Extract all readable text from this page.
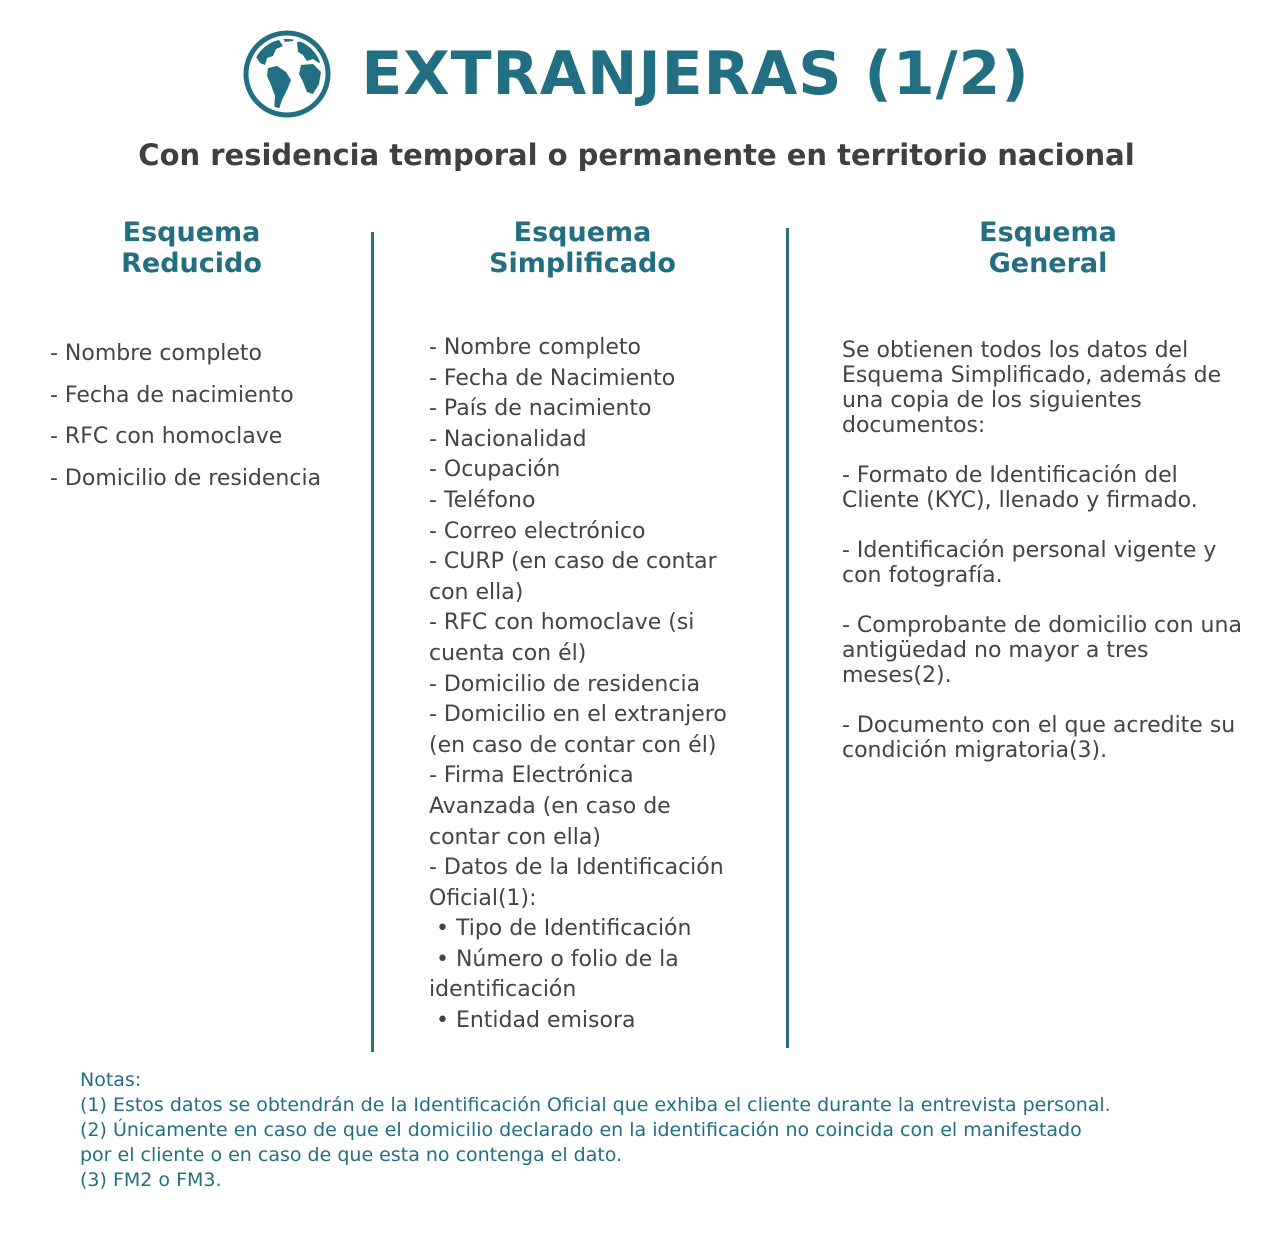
EXTRANJERAS (1/2)
Con residencia temporal o permanente en territorio nacional
Esquema
Reducido
Esquema
Simplificado
Esquema
General
- Nombre completo
- Fecha de nacimiento
- RFC con homoclave
- Domicilio de residencia
- Nombre completo
- Fecha de Nacimiento
- País de nacimiento
- Nacionalidad
- Ocupación
- Teléfono
- Correo electrónico
- CURP (en caso de contar
con ella)
- RFC con homoclave (si
cuenta con él)
- Domicilio de residencia
- Domicilio en el extranjero
(en caso de contar con él)
- Firma Electrónica
Avanzada (en caso de
contar con ella)
- Datos de la Identificación
Oficial(1):
• Tipo de Identificación
• Número o folio de la
identificación
• Entidad emisora

Se obtienen todos los datos del Esquema Simplificado, además de una copia de los siguientes documentos:

- Formato de Identificación del Cliente (KYC), llenado y firmado.

- Identificación personal vigente y con fotografía.

- Comprobante de domicilio con una antigüedad no mayor a tres meses(2).

- Documento con el que acredite su condición migratoria(3).

Notas:
(1) Estos datos se obtendrán de la Identificación Oficial que exhiba el cliente durante la entrevista personal.
(2) Únicamente en caso de que el domicilio declarado en la identificación no coincida con el manifestado
por el cliente o en caso de que esta no contenga el dato.
(3) FM2 o FM3.
